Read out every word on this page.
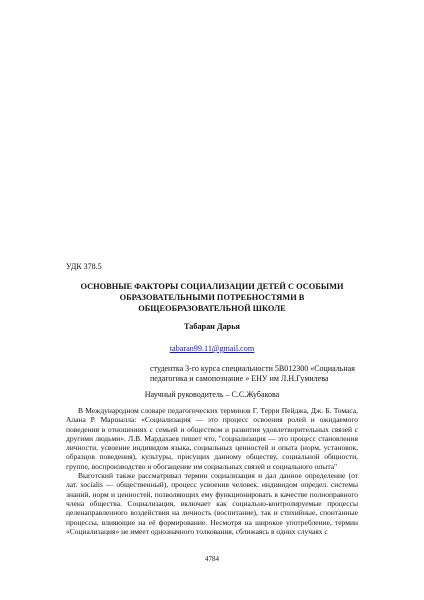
УДК 378.5
ОСНОВНЫЕ ФАКТОРЫ СОЦИАЛИЗАЦИИ ДЕТЕЙ С ОСОБЫМИ ОБРАЗОВАТЕЛЬНЫМИ ПОТРЕБНОСТЯМИ В ОБЩЕОБРАЗОВАТЕЛЬНОЙ ШКОЛЕ
Табаран Дарья
tabaran99.11@gmail.com
студентка 3-го курса специальности 5В012300 «Социальная педагогика и самопознание » ЕНУ им Л.Н.Гумилева
Научный руководитель – С.С.Жубакова

В Международном словаре педагогических терминов Г. Терри Пейджа, Дж. Б. Томаса, Алана Р. Маршалла: «Социализация — это процесс освоения ролей и ожидаемого поведения в отношениях с семьей и обществом и развития удовлетворительных связей с другими людьми». Л.В. Мардахаев пишет что, "социализация — это процесс становления личности, усвоение индивидом языка, социальных ценностей и опыта (норм, установок, образцов поведения), культуры, присущих данному обществу, социальной общности, группе, воспроизводство и обогащение им социальных связей и социального опыта"

Выготский также рассматривал термин социализация и дал данное определение (от лат. socialis — общественный), процесс усвоения человек. индивидом определ. системы знаний, норм и ценностей, позволяющих ему функционировать в качестве полноправного члена общества. Социализация, включает как социально-контролируемые процессы целенаправленного воздействия на личность (воспитание), так и стихийные, спонтанные процессы, влияющие на её формирование. Несмотря на широкое употребление, термин «Социализация» не имеет однозначного толкования, сближаясь в одних случаях с

4784
